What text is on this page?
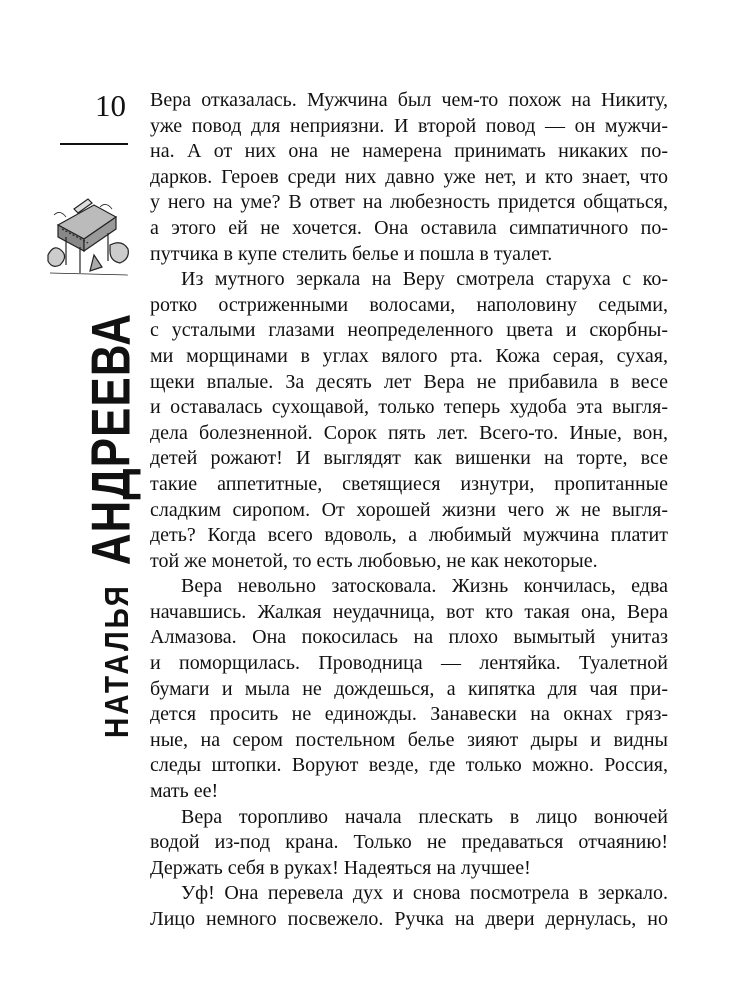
10
НАТАЛЬЯ
АНДРЕЕВА
Вера отказалась. Мужчина был чем-то похож на Никиту,
уже повод для неприязни. И второй повод — он мужчи-
на. А от них она не намерена принимать никаких по-
дарков. Героев среди них давно уже нет, и кто знает, что
у него на уме? В ответ на любезность придется общаться,
а этого ей не хочется. Она оставила симпатичного по-
путчика в купе стелить белье и пошла в туалет.
Из мутного зеркала на Веру смотрела старуха с ко-
ротко остриженными волосами, наполовину седыми,
с усталыми глазами неопределенного цвета и скорбны-
ми морщинами в углах вялого рта. Кожа серая, сухая,
щеки впалые. За десять лет Вера не прибавила в весе
и оставалась сухощавой, только теперь худоба эта выгля-
дела болезненной. Сорок пять лет. Всего-то. Иные, вон,
детей рожают! И выглядят как вишенки на торте, все
такие аппетитные, светящиеся изнутри, пропитанные
сладким сиропом. От хорошей жизни чего ж не выгля-
деть? Когда всего вдоволь, а любимый мужчина платит
той же монетой, то есть любовью, не как некоторые.
Вера невольно затосковала. Жизнь кончилась, едва
начавшись. Жалкая неудачница, вот кто такая она, Вера
Алмазова. Она покосилась на плохо вымытый унитаз
и поморщилась. Проводница — лентяйка. Туалетной
бумаги и мыла не дождешься, а кипятка для чая при-
дется просить не единожды. Занавески на окнах гряз-
ные, на сером постельном белье зияют дыры и видны
следы штопки. Воруют везде, где только можно. Россия,
мать ее!
Вера торопливо начала плескать в лицо вонючей
водой из-под крана. Только не предаваться отчаянию!
Держать себя в руках! Надеяться на лучшее!
Уф! Она перевела дух и снова посмотрела в зеркало.
Лицо немного посвежело. Ручка на двери дернулась, но
